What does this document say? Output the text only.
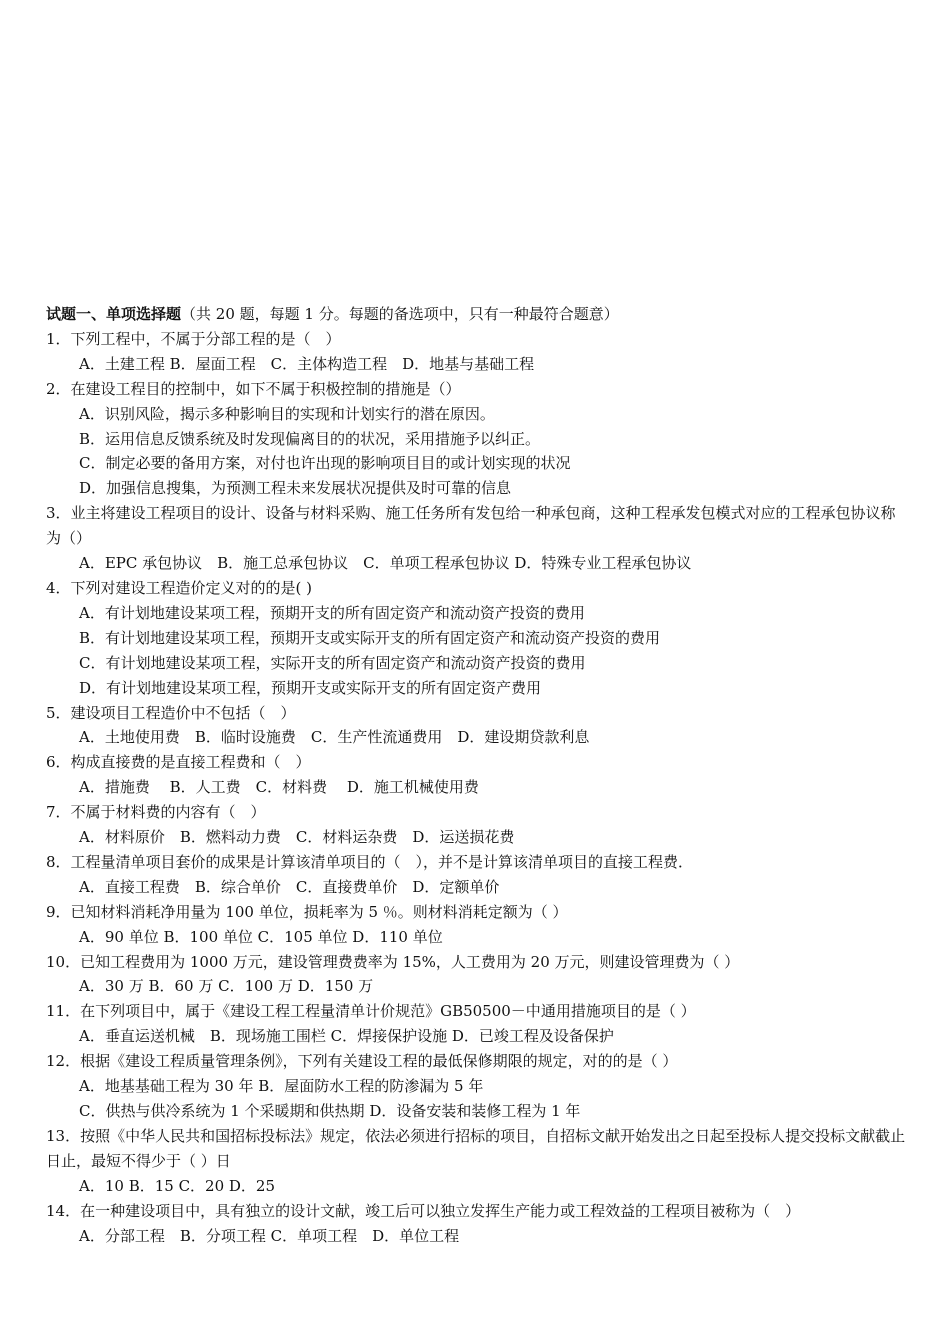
试题一、单项选择题（共 20 题，每题 1 分。每题的备选项中，只有一种最符合题意）
1．下列工程中，不属于分部工程的是（　）
A．土建工程 B．屋面工程　C．主体构造工程　D．地基与基础工程
2．在建设工程目的控制中，如下不属于积极控制的措施是（）
A．识别风险，揭示多种影响目的实现和计划实行的潜在原因。
B．运用信息反馈系统及时发现偏离目的的状况，采用措施予以纠正。
C．制定必要的备用方案，对付也许出现的影响项目目的或计划实现的状况
D．加强信息搜集，为预测工程未来发展状况提供及时可靠的信息
3．业主将建设工程项目的设计、设备与材料采购、施工任务所有发包给一种承包商，这种工程承发包模式对应的工程承包协议称为（）
A．EPC 承包协议　B．施工总承包协议　C．单项工程承包协议 D．特殊专业工程承包协议
4．下列对建设工程造价定义对的的是( )
A．有计划地建设某项工程，预期开支的所有固定资产和流动资产投资的费用
B．有计划地建设某项工程，预期开支或实际开支的所有固定资产和流动资产投资的费用
C．有计划地建设某项工程，实际开支的所有固定资产和流动资产投资的费用
D．有计划地建设某项工程，预期开支或实际开支的所有固定资产费用
5．建设项目工程造价中不包括（　）
A．土地使用费　B．临时设施费　C．生产性流通费用　D．建设期贷款利息
6．构成直接费的是直接工程费和（　）
A．措施费　 B．人工费　C．材料费　 D．施工机械使用费
7．不属于材料费的内容有（　）
A．材料原价　B．燃料动力费　C．材料运杂费　D．运送损花费
8．工程量清单项目套价的成果是计算该清单项目的（　），并不是计算该清单项目的直接工程费．
A．直接工程费　B．综合单价　C．直接费单价　D．定额单价
9．已知材料消耗净用量为 100 单位，损耗率为 5 ％。则材料消耗定额为（ ）
A．90 单位 B．100 单位 C．105 单位 D．110 单位
10．已知工程费用为 1000 万元，建设管理费费率为 15%，人工费用为 20 万元，则建设管理费为（ ）
A．30 万 B．60 万 C．100 万 D．150 万
11．在下列项目中，属于《建设工程工程量清单计价规范》GB50500－中通用措施项目的是（ ）
A．垂直运送机械　B．现场施工围栏 C．焊接保护设施 D．已竣工程及设备保护
12．根据《建设工程质量管理条例》，下列有关建设工程的最低保修期限的规定，对的的是（ ）
A．地基基础工程为 30 年 B．屋面防水工程的防渗漏为 5 年
C．供热与供冷系统为 1 个采暖期和供热期 D．设备安装和装修工程为 1 年
13．按照《中华人民共和国招标投标法》规定，依法必须进行招标的项目，自招标文献开始发出之日起至投标人提交投标文献截止日止，最短不得少于（ ）日
A．10 B．15 C．20 D．25
14．在一种建设项目中，具有独立的设计文献，竣工后可以独立发挥生产能力或工程效益的工程项目被称为（　）
A．分部工程　B．分项工程 C．单项工程　D．单位工程
